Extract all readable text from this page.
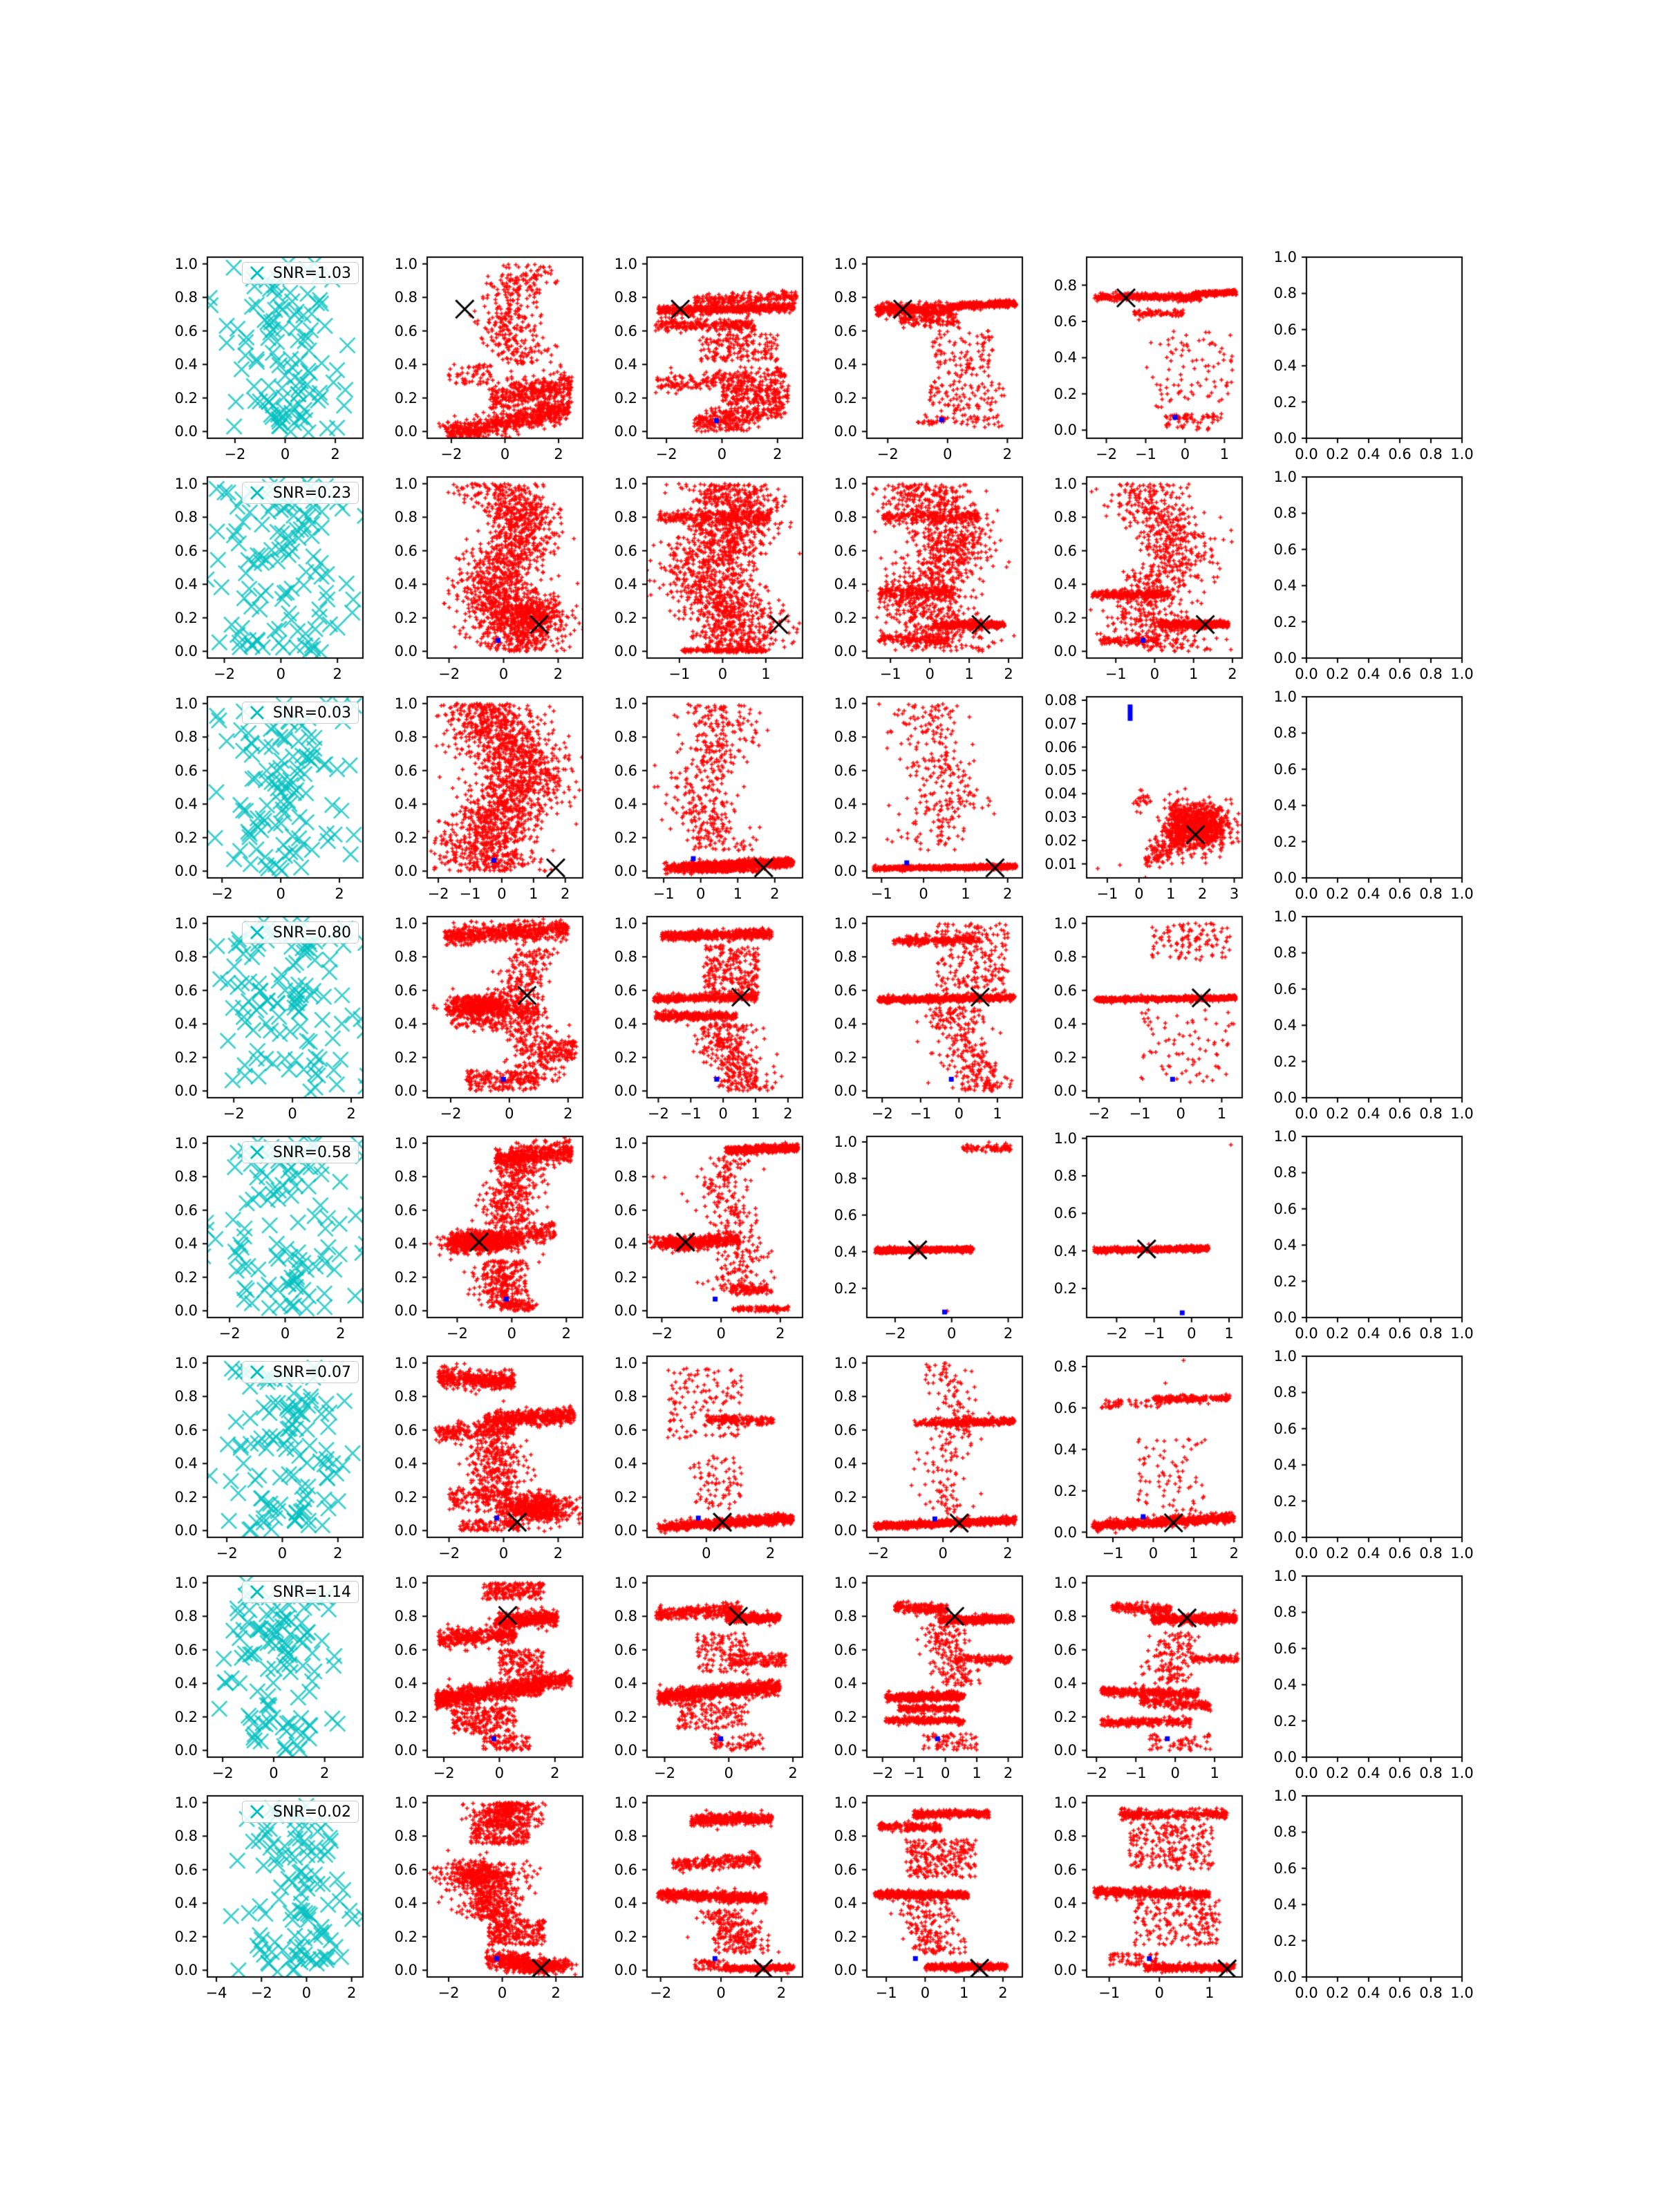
−2	0	2
0.0
0.2
0.4
0.6
0.8
1.0
SNR=1.03
−2	0	2
0.0
0.2
0.4
0.6
0.8
1.0
−2	0	2
0.0
0.2
0.4
0.6
0.8
1.0
−2	0	2
0.0
0.2
0.4
0.6
0.8
1.0
−2	−1	0	1
0.0
0.2
0.4
0.6
0.8
0.0 0.2 0.4 0.6 0.8 1.0
0.0
0.2
0.4
0.6
0.8
1.0
−2	0	2
0.0
0.2
0.4
0.6
0.8
1.0
SNR=0.23
−2	0	2
0.0
0.2
0.4
0.6
0.8
1.0
−1	0	1
0.0
0.2
0.4
0.6
0.8
1.0
−1	0	1	2
0.0
0.2
0.4
0.6
0.8
1.0
−1	0	1	2
0.0
0.2
0.4
0.6
0.8
1.0
0.0 0.2 0.4 0.6 0.8 1.0
0.0
0.2
0.4
0.6
0.8
1.0
−2	0	2
0.0
0.2
0.4
0.6
0.8
1.0
SNR=0.03
−2 −1	0	1	2
0.0
0.2
0.4
0.6
0.8
1.0
−1	0	1	2
0.0
0.2
0.4
0.6
0.8
1.0
−1	0	1	2
0.0
0.2
0.4
0.6
0.8
1.0
−1	0	1	2	3
0.01
0.02
0.03
0.04
0.05
0.06
0.07
0.08
0.0 0.2 0.4 0.6 0.8 1.0
0.0
0.2
0.4
0.6
0.8
1.0
−2	0	2
0.0
0.2
0.4
0.6
0.8
1.0
SNR=0.80
−2	0	2
0.0
0.2
0.4
0.6
0.8
1.0
−2 −1	0	1	2
0.0
0.2
0.4
0.6
0.8
1.0
−2	−1	0	1
0.0
0.2
0.4
0.6
0.8
1.0
−2	−1	0	1
0.0
0.2
0.4
0.6
0.8
1.0
0.0 0.2 0.4 0.6 0.8 1.0
0.0
0.2
0.4
0.6
0.8
1.0
−2	0	2
0.0
0.2
0.4
0.6
0.8
1.0
SNR=0.58
−2	0	2
0.0
0.2
0.4
0.6
0.8
1.0
−2	0	2
0.0
0.2
0.4
0.6
0.8
1.0
−2	0	2
0.2
0.4
0.6
0.8
1.0
−2	−1	0	1
0.2
0.4
0.6
0.8
1.0
0.0 0.2 0.4 0.6 0.8 1.0
0.0
0.2
0.4
0.6
0.8
1.0
−2	0	2
0.0
0.2
0.4
0.6
0.8
1.0
SNR=0.07
−2	0	2
0.0
0.2
0.4
0.6
0.8
1.0
0	2
0.0
0.2
0.4
0.6
0.8
1.0
−2	0	2
0.0
0.2
0.4
0.6
0.8
1.0
−1	0	1	2
0.0
0.2
0.4
0.6
0.8
0.0 0.2 0.4 0.6 0.8 1.0
0.0
0.2
0.4
0.6
0.8
1.0
−2	0	2
0.0
0.2
0.4
0.6
0.8
1.0
SNR=1.14
−2	0	2
0.0
0.2
0.4
0.6
0.8
1.0
−2	0	2
0.0
0.2
0.4
0.6
0.8
1.0
−2 −1	0	1	2
0.0
0.2
0.4
0.6
0.8
1.0
−2	−1	0	1
0.0
0.2
0.4
0.6
0.8
1.0
0.0 0.2 0.4 0.6 0.8 1.0
0.0
0.2
0.4
0.6
0.8
1.0
−4	−2	0	2
0.0
0.2
0.4
0.6
0.8
1.0
SNR=0.02
−2	0	2
0.0
0.2
0.4
0.6
0.8
1.0
−2	0	2
0.0
0.2
0.4
0.6
0.8
1.0
−1	0	1	2
0.0
0.2
0.4
0.6
0.8
1.0
−1	0	1
0.0
0.2
0.4
0.6
0.8
1.0
0.0 0.2 0.4 0.6 0.8 1.0
0.0
0.2
0.4
0.6
0.8
1.0
